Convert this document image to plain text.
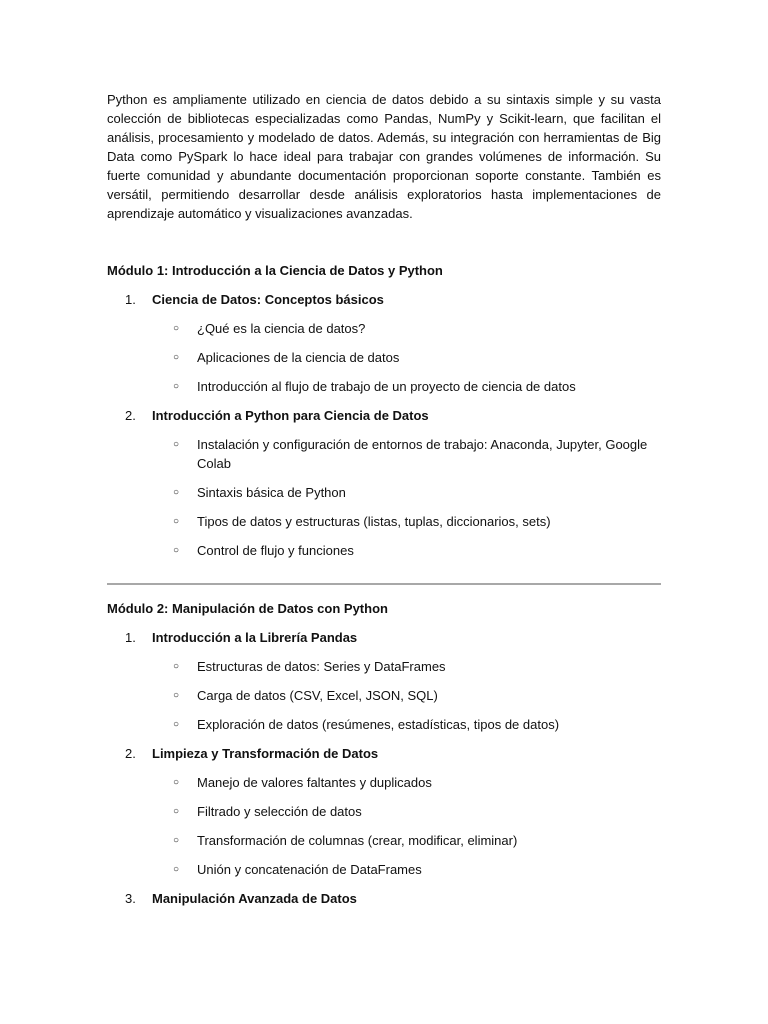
Python es ampliamente utilizado en ciencia de datos debido a su sintaxis simple y su vasta colección de bibliotecas especializadas como Pandas, NumPy y Scikit-learn, que facilitan el análisis, procesamiento y modelado de datos. Además, su integración con herramientas de Big Data como PySpark lo hace ideal para trabajar con grandes volúmenes de información. Su fuerte comunidad y abundante documentación proporcionan soporte constante. También es versátil, permitiendo desarrollar desde análisis exploratorios hasta implementaciones de aprendizaje automático y visualizaciones avanzadas.

Módulo 1: Introducción a la Ciencia de Datos y Python

1.	Ciencia de Datos: Conceptos básicos
○	¿Qué es la ciencia de datos?
○	Aplicaciones de la ciencia de datos
○	Introducción al flujo de trabajo de un proyecto de ciencia de datos
2.	Introducción a Python para Ciencia de Datos
○	Instalación y configuración de entornos de trabajo: Anaconda, Jupyter, Google Colab
○	Sintaxis básica de Python
○	Tipos de datos y estructuras (listas, tuplas, diccionarios, sets)
○	Control de flujo y funciones

Módulo 2: Manipulación de Datos con Python

1.	Introducción a la Librería Pandas
○	Estructuras de datos: Series y DataFrames
○	Carga de datos (CSV, Excel, JSON, SQL)
○	Exploración de datos (resúmenes, estadísticas, tipos de datos)
2.	Limpieza y Transformación de Datos
○	Manejo de valores faltantes y duplicados
○	Filtrado y selección de datos
○	Transformación de columnas (crear, modificar, eliminar)
○	Unión y concatenación de DataFrames
3.	Manipulación Avanzada de Datos
